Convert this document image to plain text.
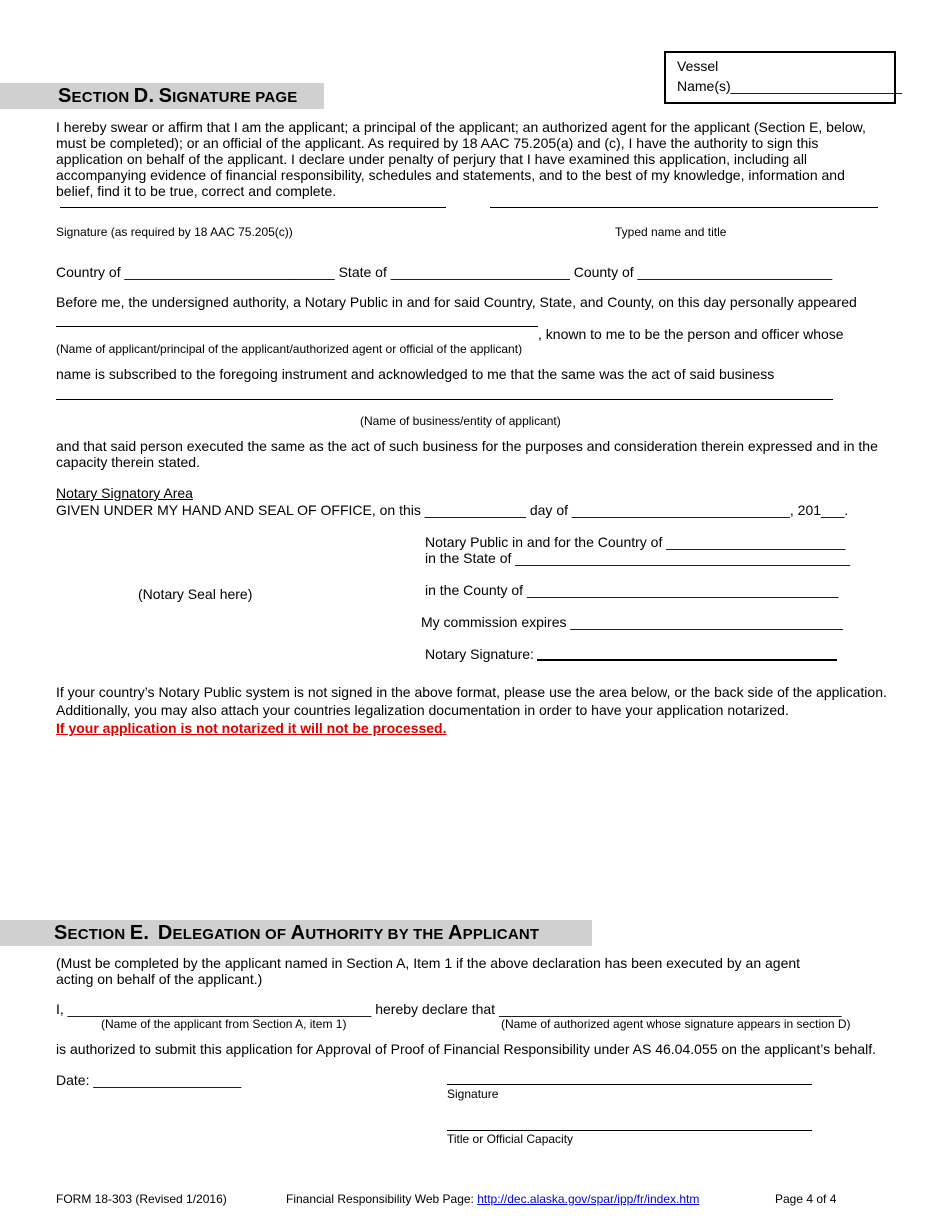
Vessel
Name(s)______________________
SECTION D. SIGNATURE PAGE
I hereby swear or affirm that I am the applicant; a principal of the applicant; an authorized agent for the applicant (Section E, below, must be completed); or an official of the applicant. As required by 18 AAC 75.205(a) and (c), I have the authority to sign this application on behalf of the applicant. I declare under penalty of perjury that I have examined this application, including all accompanying evidence of financial responsibility, schedules and statements, and to the best of my knowledge, information and belief, find it to be true, correct and complete.
Signature (as required by 18 AAC 75.205(c))	Typed name and title
Country of ___________________________ State of _______________________ County of _________________________
Before me, the undersigned authority, a Notary Public in and for said Country, State, and County, on this day personally appeared
, known to me to be the person and officer whose
(Name of applicant/principal of the applicant/authorized agent or official of the applicant)
name is subscribed to the foregoing instrument and acknowledged to me that the same was the act of said business
(Name of business/entity of applicant)
and that said person executed the same as the act of such business for the purposes and consideration therein expressed and in the capacity therein stated.
Notary Signatory Area
GIVEN UNDER MY HAND AND SEAL OF OFFICE, on this _____________ day of ____________________________, 201___.
Notary Public in and for the Country of _______________________
in the State of ___________________________________________
(Notary Seal here)	in the County of ________________________________________
My commission expires ___________________________________
Notary Signature:
If your country’s Notary Public system is not signed in the above format, please use the area below, or the back side of the application.
Additionally, you may also attach your countries legalization documentation in order to have your application notarized.
If your application is not notarized it will not be processed.
SECTION E. DELEGATION OF AUTHORITY BY THE APPLICANT
(Must be completed by the applicant named in Section A, Item 1 if the above declaration has been executed by an agent acting on behalf of the applicant.)
I, _______________________________________ hereby declare that ____________________________________________
(Name of the applicant from Section A, item 1)	(Name of authorized agent whose signature appears in section D)
is authorized to submit this application for Approval of Proof of Financial Responsibility under AS 46.04.055 on the applicant’s behalf.
Date: ___________________
Signature
Title or Official Capacity
FORM 18-303 (Revised 1/2016)	Financial Responsibility Web Page: http://dec.alaska.gov/spar/ipp/fr/index.htm	Page 4 of 4
